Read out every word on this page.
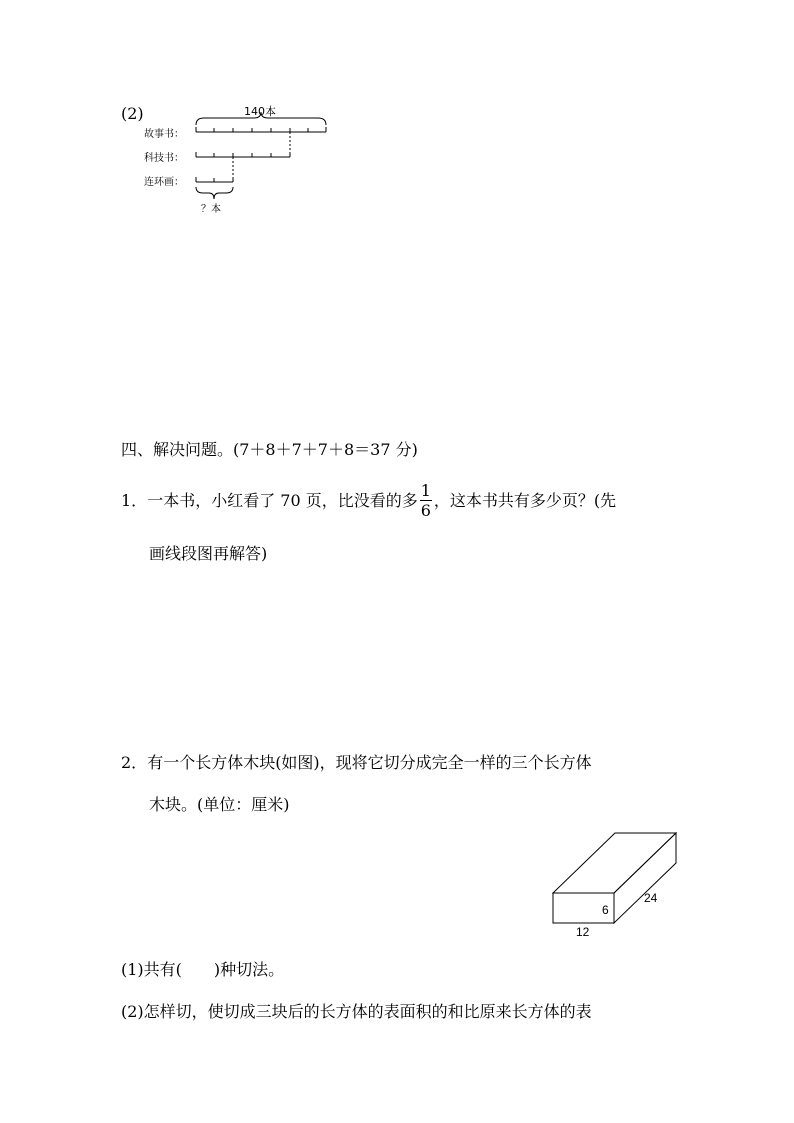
(2)	140本
故事书：
科技书：
连环画：
？本
四、解决问题。(7＋8＋7＋7＋8＝37 分)
1． 一本书，小红看了 70 页，比没看的多 $\frac{1}{6}$ ，这本书共有多少页？(先
画线段图再解答)
2．有一个长方体木块(如图)，现将它切分成完全一样的三个长方体
木块。(单位：厘米)
12
6
24
(1)共有(　　)种切法。
(2)怎样切，使切成三块后的长方体的表面积的和比原来长方体的表
